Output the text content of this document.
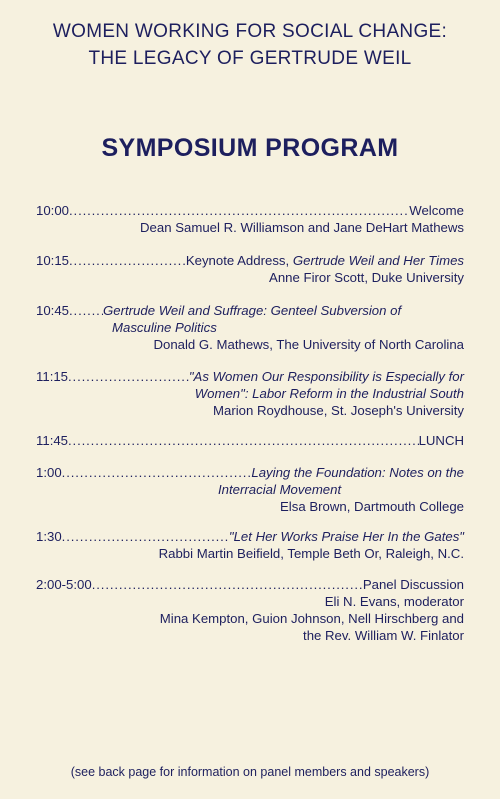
WOMEN WORKING FOR SOCIAL CHANGE:
THE LEGACY OF GERTRUDE WEIL
SYMPOSIUM PROGRAM
10:00 . . .	Welcome
Dean Samuel R. Williamson and Jane DeHart Mathews
10:15 . . .	Keynote Address, Gertrude Weil and Her Times
Anne Firor Scott, Duke University
10:45 . . .	Gertrude Weil and Suffrage: Genteel Subversion of
Masculine Politics
Donald G. Mathews, The University of North Carolina
11:15 . . .	"As Women Our Responsibility is Especially for
Women": Labor Reform in the Industrial South
Marion Roydhouse, St. Joseph's University
11:45 . . .	LUNCH
1:00 . . .	Laying the Foundation: Notes on the
Interracial Movement
Elsa Brown, Dartmouth College
1:30 . . .	"Let Her Works Praise Her In the Gates"
Rabbi Martin Beifield, Temple Beth Or, Raleigh, N.C.
2:00-5:00 . . .	Panel Discussion
Eli N. Evans, moderator
Mina Kempton, Guion Johnson, Nell Hirschberg and
the Rev. William W. Finlator
(see back page for information on panel members and speakers)
